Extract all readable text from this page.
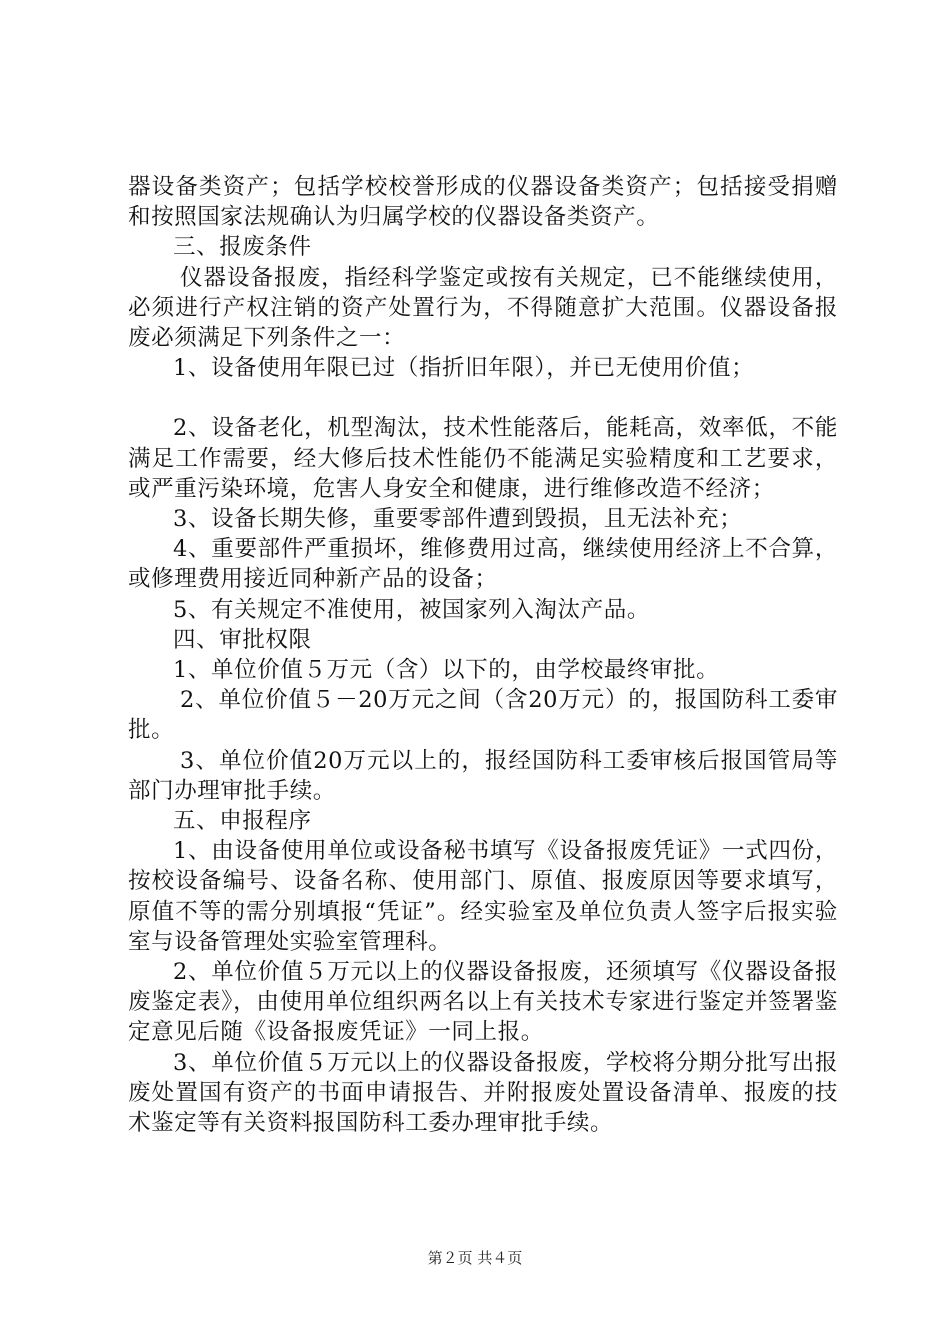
器设备类资产；包括学校校誉形成的仪器设备类资产；包括接受捐赠和按照国家法规确认为归属学校的仪器设备类资产。

三、报废条件

仪器设备报废，指经科学鉴定或按有关规定，已不能继续使用，必须进行产权注销的资产处置行为，不得随意扩大范围。仪器设备报废必须满足下列条件之一：

1、设备使用年限已过（指折旧年限），并已无使用价值；

2、设备老化，机型淘汰，技术性能落后，能耗高，效率低，不能满足工作需要，经大修后技术性能仍不能满足实验精度和工艺要求，或严重污染环境，危害人身安全和健康，进行维修改造不经济；

3、设备长期失修，重要零部件遭到毁损，且无法补充；

4、重要部件严重损坏，维修费用过高，继续使用经济上不合算，或修理费用接近同种新产品的设备；

5、有关规定不准使用，被国家列入淘汰产品。

四、审批权限

1、单位价值５万元（含）以下的，由学校最终审批。

2、单位价值５－20万元之间（含20万元）的，报国防科工委审批。

3、单位价值20万元以上的，报经国防科工委审核后报国管局等部门办理审批手续。

五、申报程序

1、由设备使用单位或设备秘书填写《设备报废凭证》一式四份，按校设备编号、设备名称、使用部门、原值、报废原因等要求填写，原值不等的需分别填报“凭证”。经实验室及单位负责人签字后报实验室与设备管理处实验室管理科。

2、单位价值５万元以上的仪器设备报废，还须填写《仪器设备报废鉴定表》，由使用单位组织两名以上有关技术专家进行鉴定并签署鉴定意见后随《设备报废凭证》一同上报。

3、单位价值５万元以上的仪器设备报废，学校将分期分批写出报废处置国有资产的书面申请报告、并附报废处置设备清单、报废的技术鉴定等有关资料报国防科工委办理审批手续。

第２页 共４页
